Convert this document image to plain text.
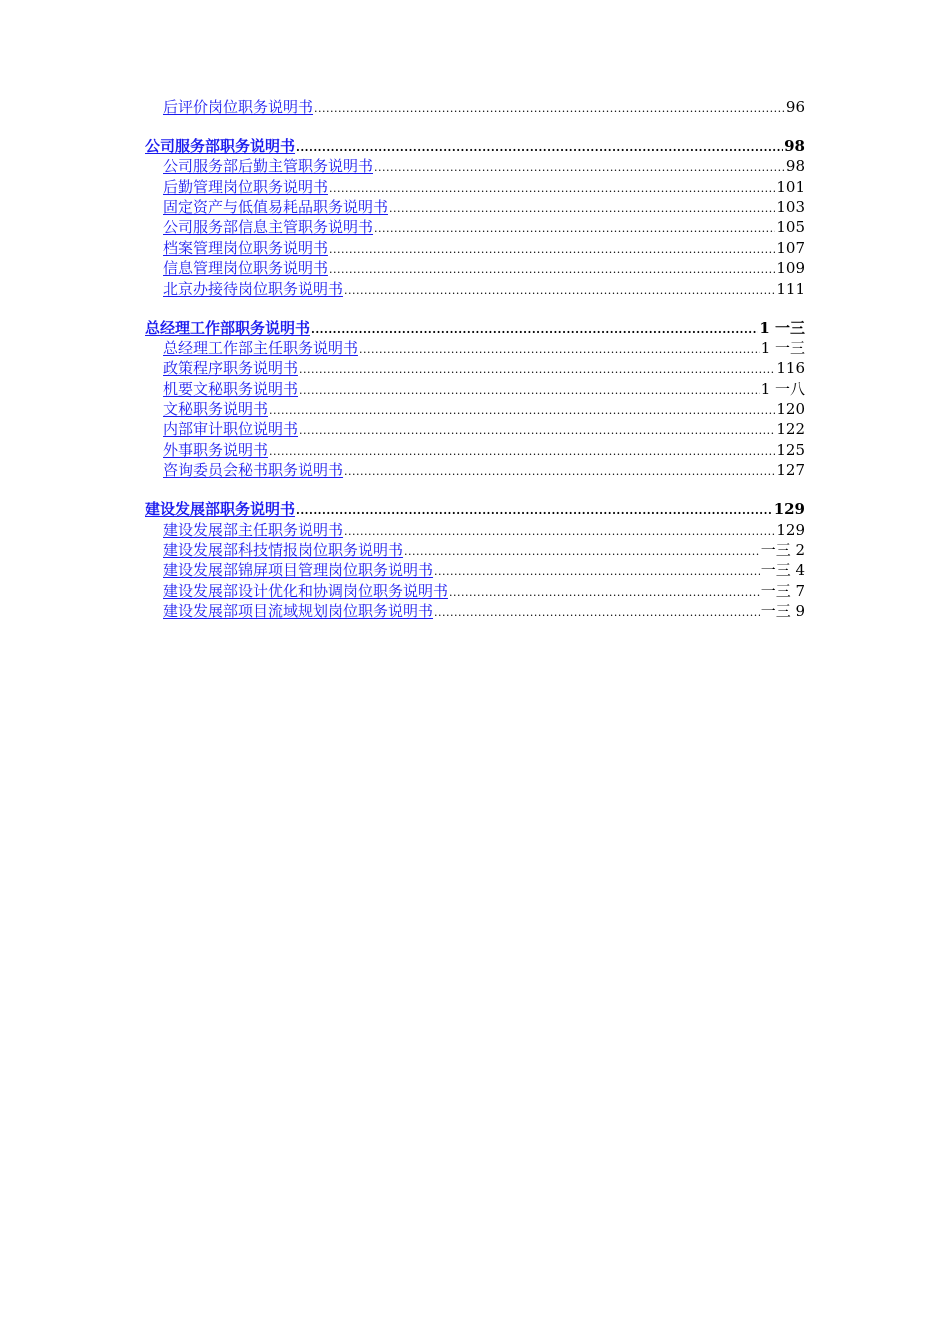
后评价岗位职务说明书 .....	96
公司服务部职务说明书 .....	98
公司服务部后勤主管职务说明书 .....	98
后勤管理岗位职务说明书 .....	101
固定资产与低值易耗品职务说明书 .....	103
公司服务部信息主管职务说明书 .....	105
档案管理岗位职务说明书 .....	107
信息管理岗位职务说明书 .....	109
北京办接待岗位职务说明书 .....	111
总经理工作部职务说明书 .....	1 一三
总经理工作部主任职务说明书 .....	1 一三
政策程序职务说明书 .....	116
机要文秘职务说明书 .....	1 一八
文秘职务说明书 .....	120
内部审计职位说明书 .....	122
外事职务说明书 .....	125
咨询委员会秘书职务说明书 .....	127
建设发展部职务说明书 .....	129
建设发展部主任职务说明书 .....	129
建设发展部科技情报岗位职务说明书 .....	一三 2
建设发展部锦屏项目管理岗位职务说明书 .....	一三 4
建设发展部设计优化和协调岗位职务说明书 .....	一三 7
建设发展部项目流域规划岗位职务说明书 .....	一三 9
